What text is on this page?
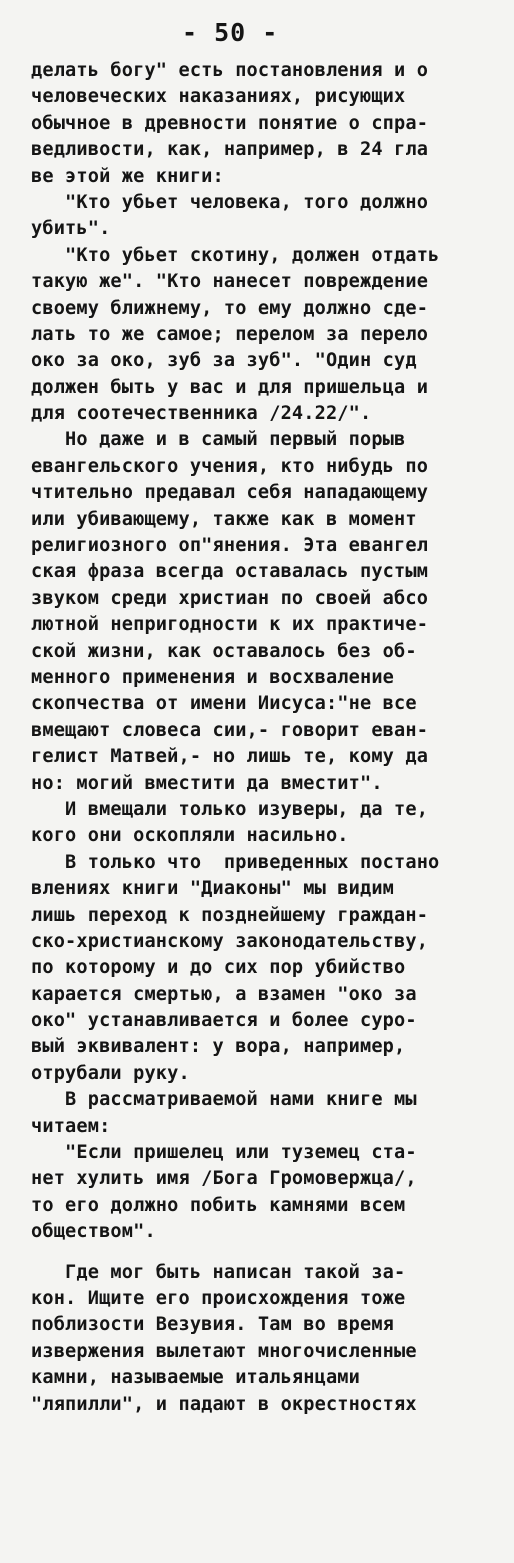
- 50 -
делать богу" есть постановления и о
человеческих наказаниях, рисующих
обычное в древности понятие о спра-
ведливости, как, например, в 24 гла
ве этой же книги:
"Кто убьет человека, того должно
убить".
"Кто убьет скотину, должен отдать
такую же". "Кто нанесет повреждение
своему ближнему, то ему должно сде-
лать то же самое; перелом за перело
око за око, зуб за зуб". "Один суд
должен быть у вас и для пришельца и
для соотечественника /24.22/".
Но даже и в самый первый порыв
евангельского учения, кто нибудь по
чтительно предавал себя нападающему
или убивающему, также как в момент
религиозного оп"янения. Эта евангел
ская фраза всегда оставалась пустым
звуком среди христиан по своей абсо
лютной непригодности к их практиче-
ской жизни, как оставалось без об-
менного применения и восхваление
скопчества от имени Иисуса:"не все
вмещают словеса сии,- говорит еван-
гелист Матвей,- но лишь те, кому да
но: могий вместити да вместит".
И вмещали только изуверы, да те,
кого они оскопляли насильно.
В только что  приведенных постано
влениях книги "Диаконы" мы видим
лишь переход к позднейшему граждан-
ско-христианскому законодательству,
по которому и до сих пор убийство
карается смертью, а взамен "око за
око" устанавливается и более суро-
вый эквивалент: у вора, например,
отрубали руку.
В рассматриваемой нами книге мы
читаем:
"Если пришелец или туземец ста-
нет хулить имя /Бога Громовержца/,
то его должно побить камнями всем
обществом".
Где мог быть написан такой за-
кон. Ищите его происхождения тоже
поблизости Везувия. Там во время
извержения вылетают многочисленные
камни, называемые итальянцами
"ляпилли", и падают в окрестностях
